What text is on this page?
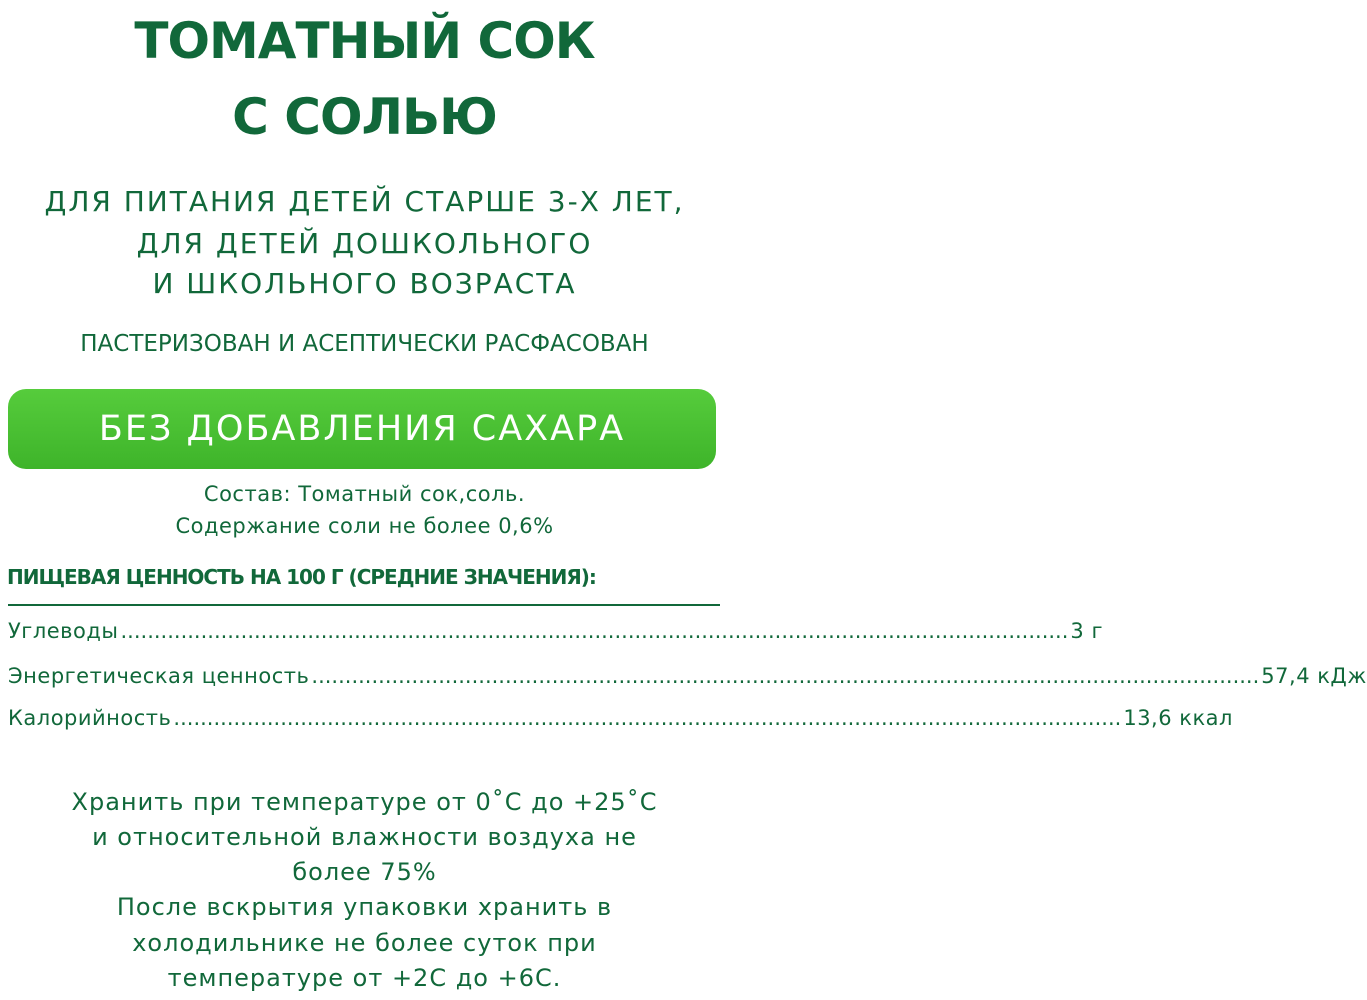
ТОМАТНЫЙ СОК
С СОЛЬЮ
ДЛЯ ПИТАНИЯ ДЕТЕЙ СТАРШЕ 3-Х ЛЕТ,
ДЛЯ ДЕТЕЙ ДОШКОЛЬНОГО
И ШКОЛЬНОГО ВОЗРАСТА
ПАСТЕРИЗОВАН И АСЕПТИЧЕСКИ РАСФАСОВАН
БЕЗ ДОБАВЛЕНИЯ САХАРА
Состав: Томатный сок,соль.
Содержание соли не более 0,6%
ПИЩЕВАЯ ЦЕННОСТЬ НА 100 Г (СРЕДНИЕ ЗНАЧЕНИЯ):
Углеводы .............................................................................................................................................. 3 г
Энергетическая ценность .............................................................................................................................................. 57,4 кДж
Калорийность .............................................................................................................................................. 13,6 ккал
Хранить при температуре от 0˚С до +25˚С
и относительной влажности воздуха не
более 75%
После вскрытия упаковки хранить в
холодильнике не более суток при
температуре от +2С до +6С.
